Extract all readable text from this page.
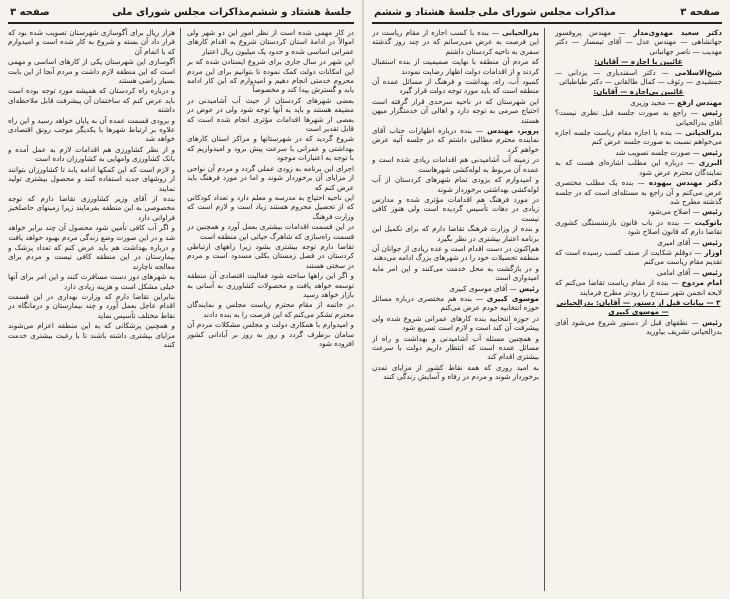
جلسهٔ هشتاد و ششم
مذاکرات مجلس شورای ملی
صفحه ۳

در کار مهمی شده است از نظر امور این دو شهر ولی اموالاً در ادامهٔ استان کردستان شروع به اقدام کارهای عمرانی اساسی شده و حدود یک میلیون ریال اعتبار

این شهر در سال جاری برای شروع ایستادن شده که بر این امکانات دولت کمک نموده تا بتوانیم برای این مردم محروم خدمتی انجام دهیم و امیدوارم که این کار ادامه یابد و گسترش پیدا کند و مخصوصاً

بعضی شهرهای کردستان از حیث آب آشامیدنی در مضیقه هستند و باید به آنها توجه شود ولی در عوض در بعضی از شهرها اقدامات مؤثری انجام شده است که قابل تقدیر است

شروع گردید که در شهرستانها و مراکز استان کارهای بهداشتی و عمرانی با سرعت پیش برود و امیدواریم که با توجه به اعتبارات موجود

اجرای این برنامه به زودی عملی گردد و مردم آن نواحی از مزایای آن برخوردار شوند و اما در مورد فرهنگ باید عرض کنم که

این ناحیه احتیاج به مدرسه و معلم دارد و تعداد کودکانی که از تحصیل محروم هستند زیاد است و لازم است که وزارت فرهنگ

در این قسمت اقدامات بیشتری بعمل آورد و همچنین در قسمت راه‌سازی که شاهرگ حیاتی این منطقه است

تقاضا دارم توجه بیشتری بشود زیرا راههای ارتباطی کردستان در فصل زمستان بکلی مسدود است و مردم در سختی هستند

و اگر این راهها ساخته شود فعالیت اقتصادی آن منطقه توسعه خواهد یافت و محصولات کشاورزی به آسانی به بازار خواهد رسید

در خاتمه از مقام محترم ریاست مجلس و نمایندگان محترم تشکر می‌کنم که این فرصت را به بنده دادند

و امیدوارم با همکاری دولت و مجلس مشکلات مردم آن سامان برطرف گردد و روز به روز بر آبادانی کشور افزوده شود

هزار ریال برای آگوسازی شهرستان تصویب شده بود که قرار داد آن بسته و شروع به کار شده است و امیدوارم که با اتمام آن

آگوسازی این شهرستان یکی از کارهای اساسی و مهمی است که این منطقه لازم داشت و مردم آنجا از این بابت بسیار راضی هستند

و درباره راه کردستان که همیشه مورد توجه بوده است باید عرض کنم که ساختمان آن پیشرفت قابل ملاحظه‌ای داشته

و بزودی قسمت عمده آن به پایان خواهد رسید و این راه علاوه بر ارتباط شهرها با یکدیگر موجب رونق اقتصادی خواهد شد

و از نظر کشاورزی هم اقدامات لازم به عمل آمده و بانک کشاورزی وامهایی به کشاورزان داده است

و لازم است که این کمکها ادامه یابد تا کشاورزان بتوانند از روشهای جدید استفاده کنند و محصول بیشتری تولید نمایند

بنده از آقای وزیر کشاورزی تقاضا دارم که توجه مخصوصی به این منطقه بفرمایند زیرا زمینهای حاصلخیز فراوانی دارد

و اگر آب کافی تأمین شود محصول آن چند برابر خواهد شد و در این صورت وضع زندگی مردم بهبود خواهد یافت

و درباره بهداشت هم باید عرض کنم که تعداد پزشک و بیمارستان در این منطقه کافی نیست و مردم برای معالجه ناچارند

به شهرهای دور دست مسافرت کنند و این امر برای آنها خیلی مشکل است و هزینه زیادی دارد

بنابراین تقاضا دارم که وزارت بهداری در این قسمت اقدام عاجل بعمل آورد و چند بیمارستان و درمانگاه در نقاط مختلف تأسیس نماید

و همچنین پزشکانی که به این منطقه اعزام می‌شوند مزایای بیشتری داشته باشند تا با رغبت بیشتری خدمت کنند

صفحه ۳
مذاکرات مجلس شورای ملی
جلسهٔ هشتاد و ششم

دکتر سعید مهدوی‌مدار — مهندس پروفسور جهانشاهی — مهندس عدل — آقای تیمسار — دکتر مهدیب — ناصر جهانبانی

غائبین با اجازه — آقایان:

شیخ‌الاسلامی — دکتر اسفندیاری — یزدانی — جمشیدی — رئوف — کمال طالقانی — دکتر طباطبائی

غائبین بی‌اجازه — آقایان:

مهندس ارفع — مجید وزیری

رئیس — راجع به صورت جلسه قبل نظری نیست؟ آقای بدرالحیانی

بدرالحیانی — بنده با اجازه مقام ریاست جلسه اجازه می‌خواهم نسبت به صورت جلسه عرض کنم

رئیس — صورت جلسه تصویب شد

البرزی — درباره این مطلب اشاره‌ای هست که به نمایندگان محترم عرض شود

دکتر مهندس بیهوده — بنده یک مطلب مختصری عرض می‌کنم و آن راجع به مسئله‌ای است که در جلسه گذشته مطرح شد

رئیس — اصلاح می‌شود

باتوکیت — بنده در باب قانون بازنشستگی کشوری تقاضا دارم که قانون اصلاح شود

رئیس — آقای امیری

اوزار — دوقلم شکایت از صنف کسب رسیده است که تقدیم مقام ریاست می‌کنم

رئیس — آقای امامی

امام مردوخ — بنده از مقام ریاست تقاضا می‌کنم که لایحه انجمن شهر سنندج را زودتر مطرح فرمایند

۳ — بیانات قبل از دستور — آقایان: بدرالحیانی — موسوی کبیری

رئیس — نطقهای قبل از دستور شروع می‌شود آقای بدرالحیانی تشریف بیاورید

بدرالحیانی — بنده با کسب اجازه از مقام ریاست در این فرصت به عرض می‌رسانم که در چند روز گذشته سفری به ناحیه کردستان داشتم

که مردم آن منطقه با نهایت صمیمیت از بنده استقبال کردند و از اقدامات دولت اظهار رضایت نمودند

کمبود آب، راه، بهداشت و فرهنگ از مسائل عمده آن منطقه است که باید مورد توجه دولت قرار گیرد

این شهرستان که در ناحیه سرحدی قرار گرفته است احتیاج مبرمی به توجه دارد و اهالی آن خدمتگزار میهن هستند

پرویز، مهندس — بنده درباره اظهارات جناب آقای نماینده محترم مطالبی داشتم که در جلسه آتیه عرض خواهم کرد

در زمینه آب آشامیدنی هم اقدامات زیادی شده است و عمده آن مربوط به لوله‌کشی شهرهاست

و امیدوارم که بزودی تمام شهرهای کردستان از آب لوله‌کشی بهداشتی برخوردار شوند

در مورد فرهنگ هم اقدامات مؤثری شده و مدارس زیادی در دهات تأسیس گردیده است ولی هنوز کافی نیست

و بنده از وزارت فرهنگ تقاضا دارم که برای تکمیل این برنامه اعتبار بیشتری در نظر بگیرد

هم‌اکنون در دست اقدام است و عده زیادی از جوانان آن منطقه تحصیلات خود را در شهرهای بزرگ ادامه می‌دهند

و در بازگشت به محل خدمت می‌کنند و این امر مایه امیدواری است

رئیس — آقای موسوی کبیری

موسوی کبیری — بنده هم مختصری درباره مسائل حوزه انتخابیه خودم عرض می‌کنم

در حوزه انتخابیه بنده کارهای عمرانی شروع شده ولی پیشرفت آن کند است و لازم است تسریع شود

و همچنین مسئله آب آشامیدنی و بهداشت و راه از مسائل عمده است که انتظار داریم دولت با سرعت بیشتری اقدام کند

به امید روزی که همه نقاط کشور از مزایای تمدن برخوردار شوند و مردم در رفاه و آسایش زندگی کنند
